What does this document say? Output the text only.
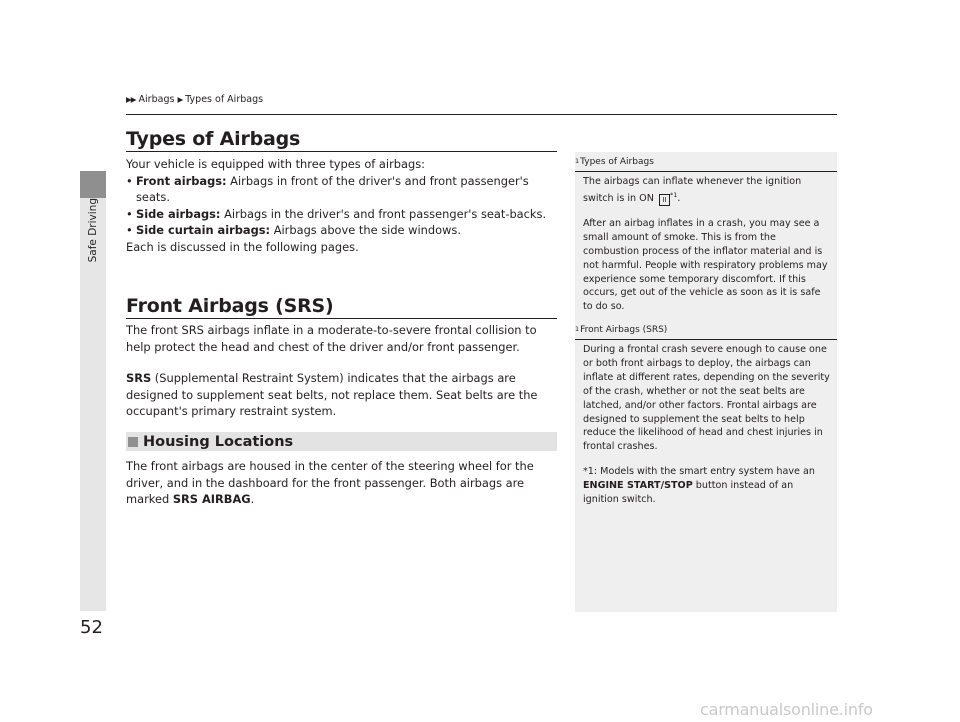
Safe Driving
52
▶▶ Airbags ▶ Types of Airbags
Types of Airbags

Your vehicle is equipped with three types of airbags:

• Front airbags: Airbags in front of the driver's and front passenger's seats.
• Side airbags: Airbags in the driver's and front passenger's seat-backs.
• Side curtain airbags: Airbags above the side windows.

Each is discussed in the following pages.

Front Airbags (SRS)

The front SRS airbags inflate in a moderate-to-severe frontal collision to help protect the head and chest of the driver and/or front passenger.

SRS (Supplemental Restraint System) indicates that the airbags are designed to supplement seat belts, not replace them. Seat belts are the occupant's primary restraint system.

Housing Locations

The front airbags are housed in the center of the steering wheel for the driver, and in the dashboard for the front passenger. Both airbags are marked SRS AIRBAG.

1 Types of Airbags

The airbags can inflate whenever the ignition switch is in ON II$^{*1}$.

After an airbag inflates in a crash, you may see a small amount of smoke. This is from the combustion process of the inflator material and is not harmful. People with respiratory problems may experience some temporary discomfort. If this occurs, get out of the vehicle as soon as it is safe to do so.

1 Front Airbags (SRS)

During a frontal crash severe enough to cause one or both front airbags to deploy, the airbags can inflate at different rates, depending on the severity of the crash, whether or not the seat belts are latched, and/or other factors. Frontal airbags are designed to supplement the seat belts to help reduce the likelihood of head and chest injuries in frontal crashes.

*1: Models with the smart entry system have an ENGINE START/STOP button instead of an ignition switch.

carmanualsonline.info
